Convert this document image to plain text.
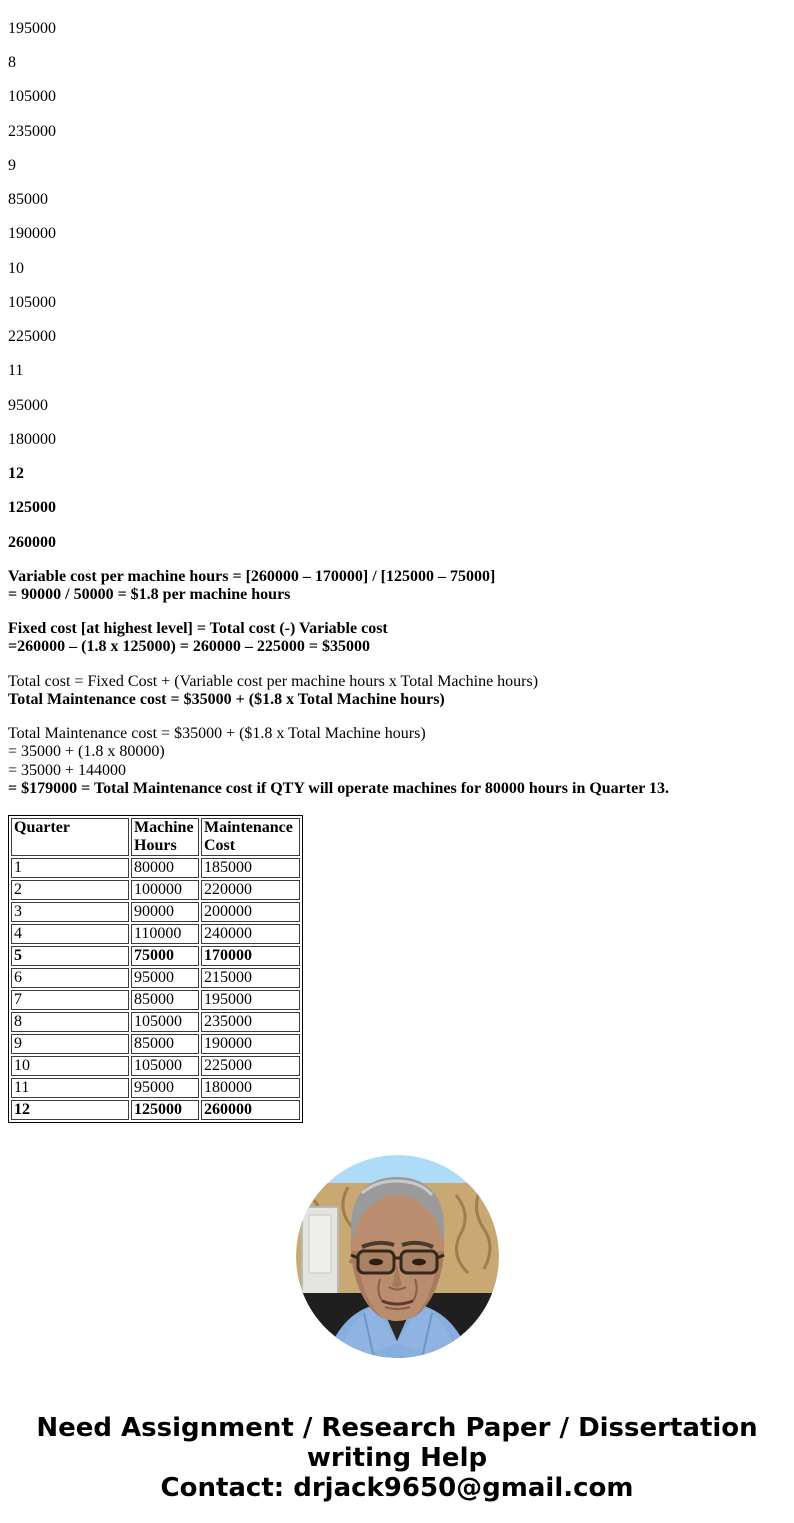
195000

8

105000

235000

9

85000

190000

10

105000

225000

11

95000

180000

12

125000

260000

Variable cost per machine hours = [260000 – 170000] / [125000 – 75000]
= 90000 / 50000 = $1.8 per machine hours

Fixed cost [at highest level] = Total cost (-) Variable cost
=260000 – (1.8 x 125000) = 260000 – 225000 = $35000

Total cost = Fixed Cost + (Variable cost per machine hours x Total Machine hours)
Total Maintenance cost = $35000 + ($1.8 x Total Machine hours)

Total Maintenance cost = $35000 + ($1.8 x Total Machine hours)
= 35000 + (1.8 x 80000)
= 35000 + 144000
= $179000 = Total Maintenance cost if QTY will operate machines for 80000 hours in Quarter 13.

Quarter	Machine Hours	Maintenance Cost
1	80000	185000
2	100000	220000
3	90000	200000
4	110000	240000
5	75000	170000
6	95000	215000
7	85000	195000
8	105000	235000
9	85000	190000
10	105000	225000
11	95000	180000
12	125000	260000
Need Assignment / Research Paper / Dissertation
writing Help
Contact: drjack9650@gmail.com
